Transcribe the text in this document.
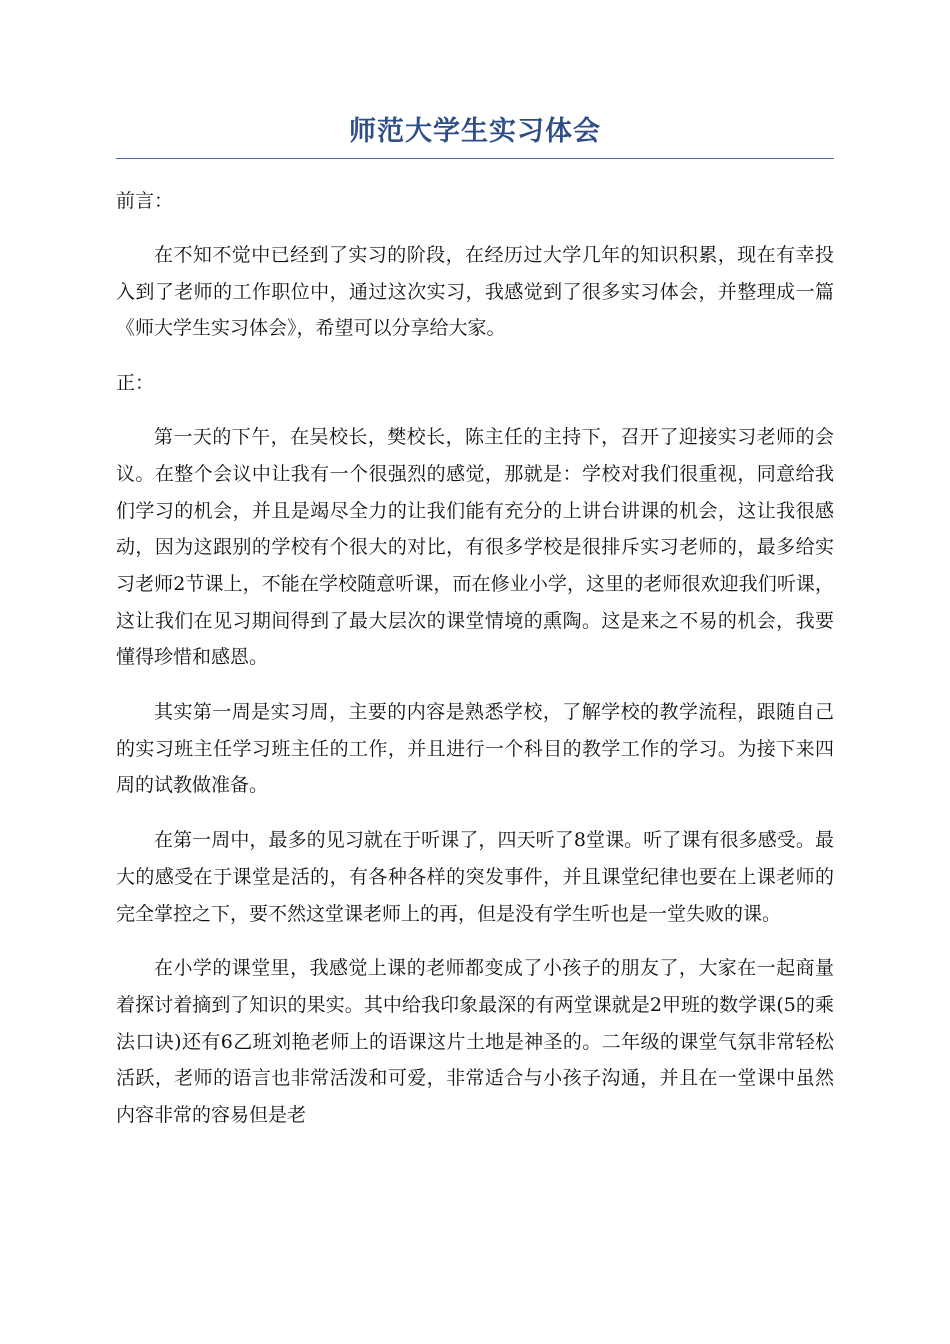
师范大学生实习体会

前言：

在不知不觉中已经到了实习的阶段，在经历过大学几年的知识积累，现在有幸投入到了老师的工作职位中，通过这次实习，我感觉到了很多实习体会，并整理成一篇《师大学生实习体会》，希望可以分享给大家。

正：

第一天的下午，在吴校长，樊校长，陈主任的主持下，召开了迎接实习老师的会议。在整个会议中让我有一个很强烈的感觉，那就是：学校对我们很重视，同意给我们学习的机会，并且是竭尽全力的让我们能有充分的上讲台讲课的机会，这让我很感动，因为这跟别的学校有个很大的对比，有很多学校是很排斥实习老师的，最多给实习老师2节课上，不能在学校随意听课，而在修业小学，这里的老师很欢迎我们听课，这让我们在见习期间得到了最大层次的课堂情境的熏陶。这是来之不易的机会，我要懂得珍惜和感恩。

其实第一周是实习周，主要的内容是熟悉学校，了解学校的教学流程，跟随自己的实习班主任学习班主任的工作，并且进行一个科目的教学工作的学习。为接下来四周的试教做准备。

在第一周中，最多的见习就在于听课了，四天听了8堂课。听了课有很多感受。最大的感受在于课堂是活的，有各种各样的突发事件，并且课堂纪律也要在上课老师的完全掌控之下，要不然这堂课老师上的再，但是没有学生听也是一堂失败的课。

在小学的课堂里，我感觉上课的老师都变成了小孩子的朋友了，大家在一起商量着探讨着摘到了知识的果实。其中给我印象最深的有两堂课就是2甲班的数学课(5的乘法口诀)还有6乙班刘艳老师上的语课这片土地是神圣的。二年级的课堂气氛非常轻松活跃，老师的语言也非常活泼和可爱，非常适合与小孩子沟通，并且在一堂课中虽然内容非常的容易但是老
